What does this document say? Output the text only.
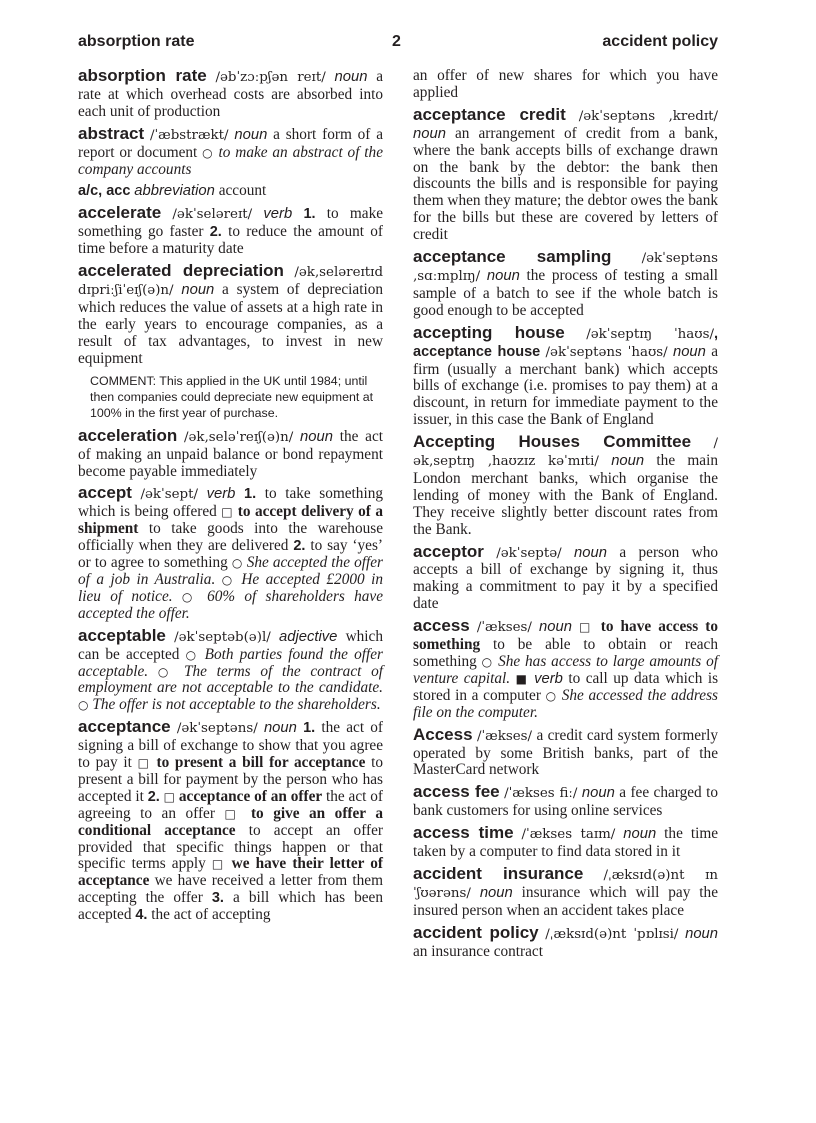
absorption rate	2	accident policy
absorption rate /əbˈzɔːpʃən reɪt/ noun a rate at which overhead costs are absorbed into each unit of production
abstract /ˈæbstrækt/ noun a short form of a report or document ○ to make an abstract of the company accounts
a/c, acc abbreviation account
accelerate /əkˈseləreɪt/ verb 1. to make something go faster 2. to reduce the amount of time before a maturity date
accelerated depreciation /ək‚seləreɪtɪd dɪpriːʃiˈeɪʃ(ə)n/ noun a system of depreciation which reduces the value of assets at a high rate in the early years to encourage companies, as a result of tax advantages, to invest in new equipment
COMMENT: This applied in the UK until 1984; until then companies could depreciate new equipment at 100% in the first year of purchase.
acceleration /ək‚seləˈreɪʃ(ə)n/ noun the act of making an unpaid balance or bond repayment become payable immediately
accept /əkˈsept/ verb 1. to take something which is being offered □ to accept delivery of a shipment to take goods into the warehouse officially when they are delivered 2. to say ‘yes’ or to agree to something ○ She accepted the offer of a job in Australia. ○ He accepted £2000 in lieu of notice. ○ 60% of shareholders have accepted the offer.
acceptable /əkˈseptəb(ə)l/ adjective which can be accepted ○ Both parties found the offer acceptable. ○ The terms of the contract of employment are not acceptable to the candidate. ○ The offer is not acceptable to the shareholders.
acceptance /əkˈseptəns/ noun 1. the act of signing a bill of exchange to show that you agree to pay it □ to present a bill for acceptance to present a bill for payment by the person who has accepted it 2. □ acceptance of an offer the act of agreeing to an offer □ to give an offer a conditional acceptance to accept an offer provided that specific things happen or that specific terms apply □ we have their letter of acceptance we have received a letter from them accepting the offer 3. a bill which has been accepted 4. the act of accepting
an offer of new shares for which you have applied
acceptance credit /əkˈseptəns ‚kredɪt/ noun an arrangement of credit from a bank, where the bank accepts bills of exchange drawn on the bank by the debtor: the bank then discounts the bills and is responsible for paying them when they mature; the debtor owes the bank for the bills but these are covered by letters of credit
acceptance sampling /əkˈseptəns ‚sɑːmplɪŋ/ noun the process of testing a small sample of a batch to see if the whole batch is good enough to be accepted
accepting house /əkˈseptɪŋ ˈhaʊs/, acceptance house /əkˈseptəns ˈhaʊs/ noun a firm (usually a merchant bank) which accepts bills of exchange (i.e. promises to pay them) at a discount, in return for immediate payment to the issuer, in this case the Bank of England
Accepting Houses Committee /ək‚septɪŋ ‚haʊzɪz kəˈmɪti/ noun the main London merchant banks, which organise the lending of money with the Bank of England. They receive slightly better discount rates from the Bank.
acceptor /əkˈseptə/ noun a person who accepts a bill of exchange by signing it, thus making a commitment to pay it by a specified date
access /ˈækses/ noun □ to have access to something to be able to obtain or reach something ○ She has access to large amounts of venture capital. ■ verb to call up data which is stored in a computer ○ She accessed the address file on the computer.
Access /ˈækses/ a credit card system formerly operated by some British banks, part of the MasterCard network
access fee /ˈækses fiː/ noun a fee charged to bank customers for using online services
access time /ˈækses taɪm/ noun the time taken by a computer to find data stored in it
accident insurance /ˌæksɪd(ə)nt ɪnˈʃʊərəns/ noun insurance which will pay the insured person when an accident takes place
accident policy /ˌæksɪd(ə)nt ˈpɒlɪsi/ noun an insurance contract
